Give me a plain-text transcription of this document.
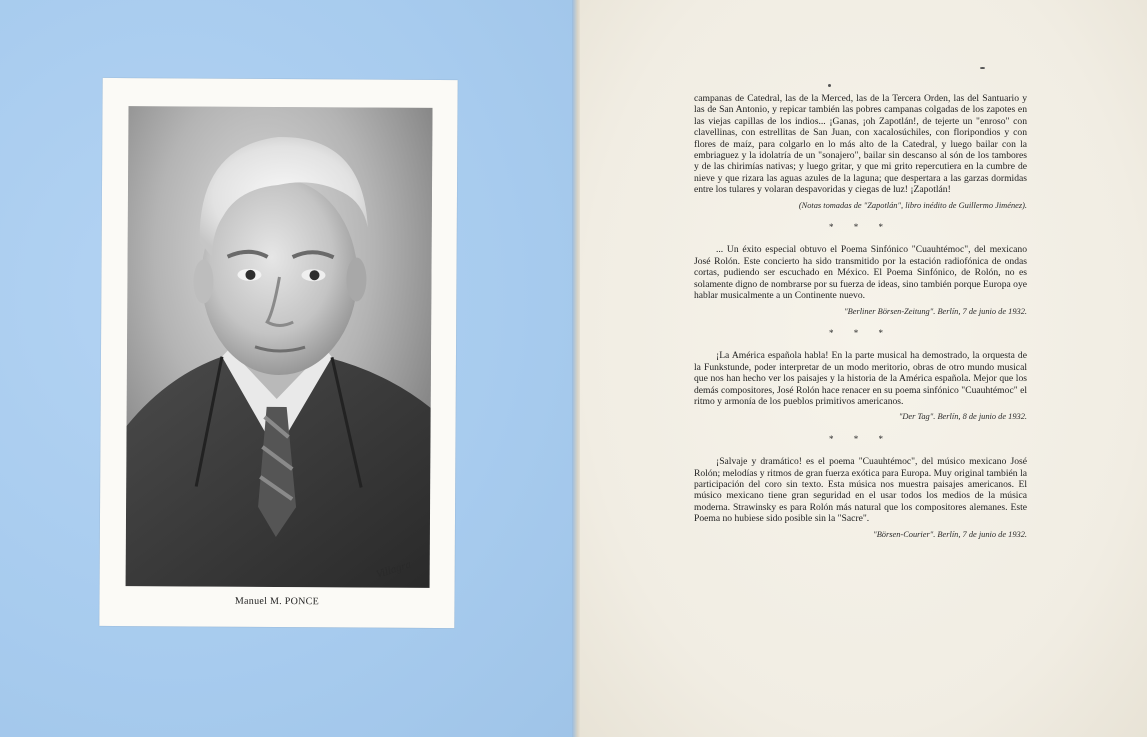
Villagra
Manuel M. PONCE

campanas de Catedral, las de la Merced, las de la Tercera Orden, las del Santuario y las de San Antonio, y repicar también las pobres campanas colgadas de los zapotes en las viejas capillas de los indios... ¡Ganas, ¡oh Zapotlán!, de tejerte un "enroso" con clavellinas, con estrellitas de San Juan, con xacalosúchiles, con floripondios y con flores de maíz, para colgarlo en lo más alto de la Catedral, y luego bailar con la embriaguez y la idolatría de un "sonajero", bailar sin descanso al són de los tambores y de las chirimías nativas; y luego gritar, y que mi grito repercutiera en la cumbre de nieve y que rizara las aguas azules de la laguna; que despertara a las garzas dormidas entre los tulares y volaran despavoridas y ciegas de luz! ¡Zapotlán!

(Notas tomadas de "Zapotlán", libro inédito de Guillermo Jiménez).

* * *

... Un éxito especial obtuvo el Poema Sinfónico "Cuauhtémoc", del mexicano José Rolón. Este concierto ha sido transmitido por la estación radiofónica de ondas cortas, pudiendo ser escuchado en México. El Poema Sinfónico, de Rolón, no es solamente digno de nombrarse por su fuerza de ideas, sino también porque Europa oye hablar musicalmente a un Continente nuevo.

"Berliner Börsen-Zeitung". Berlín, 7 de junio de 1932.

* * *

¡La América española habla! En la parte musical ha demostrado, la orquesta de la Funkstunde, poder interpretar de un modo meritorio, obras de otro mundo musical que nos han hecho ver los paisajes y la historia de la América española. Mejor que los demás compositores, José Rolón hace renacer en su poema sinfónico "Cuauhtémoc" el ritmo y armonía de los pueblos primitivos americanos.

"Der Tag". Berlín, 8 de junio de 1932.

* * *

¡Salvaje y dramático! es el poema "Cuauhtémoc", del músico mexicano José Rolón; melodías y ritmos de gran fuerza exótica para Europa. Muy original también la participación del coro sin texto. Esta música nos muestra paisajes americanos. El músico mexicano tiene gran seguridad en el usar todos los medios de la música moderna. Strawinsky es para Rolón más natural que los compositores alemanes. Este Poema no hubiese sido posible sin la "Sacre".

"Börsen-Courier". Berlín, 7 de junio de 1932.
